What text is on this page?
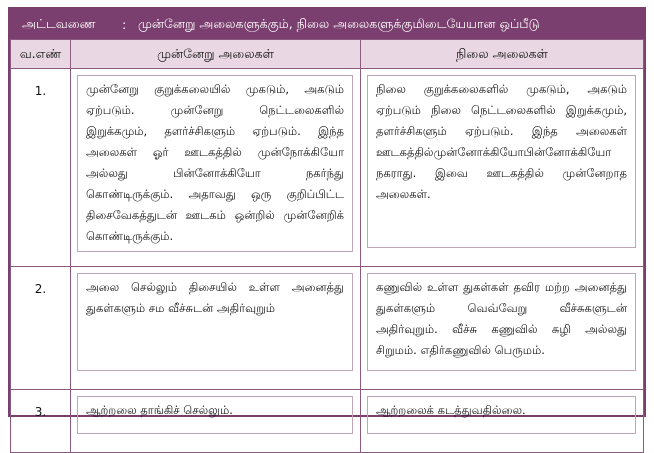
அட்டவணை	: முன்னேறு அலைகளுக்கும், நிலை அலைகளுக்குமிடையேயான ஒப்பீடு
வ.எண்	முன்னேறு அலைகள்	நிலை அலைகள்
1.	முன்னேறு குறுக்கலையில் முகடும், அகடும் ஏற்படும். முன்னேறு நெட்டலைகளில் இறுக்கமும், தளர்ச்சிகளும் ஏற்படும். இந்த அலைகள் ஓர் ஊடகத்தில் முன்நோக்கியோ அல்லது பின்னோக்கியோ நகர்ந்து கொண்டிருக்கும். அதாவது ஒரு குறிப்பிட்ட திசைவேகத்துடன் ஊடகம் ஒன்றில் முன்னேறிக் கொண்டிருக்கும்.	நிலை குறுக்கலைகளில் முகடும், அகடும் ஏற்படும் நிலை நெட்டலைகளில் இறுக்கமும், தளர்ச்சிகளும் ஏற்படும். இந்த அலைகள் ஊடகத்தில்முன்னோக்கியோபின்னோக்கியோ நகராது. இவை ஊடகத்தில் முன்னேறாத அலைகள்.

2.	அலை செல்லும் திசையில் உள்ள அனைத்து துகள்களும் சம வீச்சுடன் அதிர்வுறும்	கணுவில் உள்ள துகள்கள் தவிர மற்ற அனைத்து துகள்களும் வெவ்வேறு வீச்சுகளுடன் அதிர்வுறும். வீச்சு கணுவில் சுழி அல்லது சிறுமம். எதிர்கணுவில் பெருமம்.

3.	ஆற்றலை தாங்கிச் செல்லும்.	ஆற்றலைக் கடத்துவதில்லை.
